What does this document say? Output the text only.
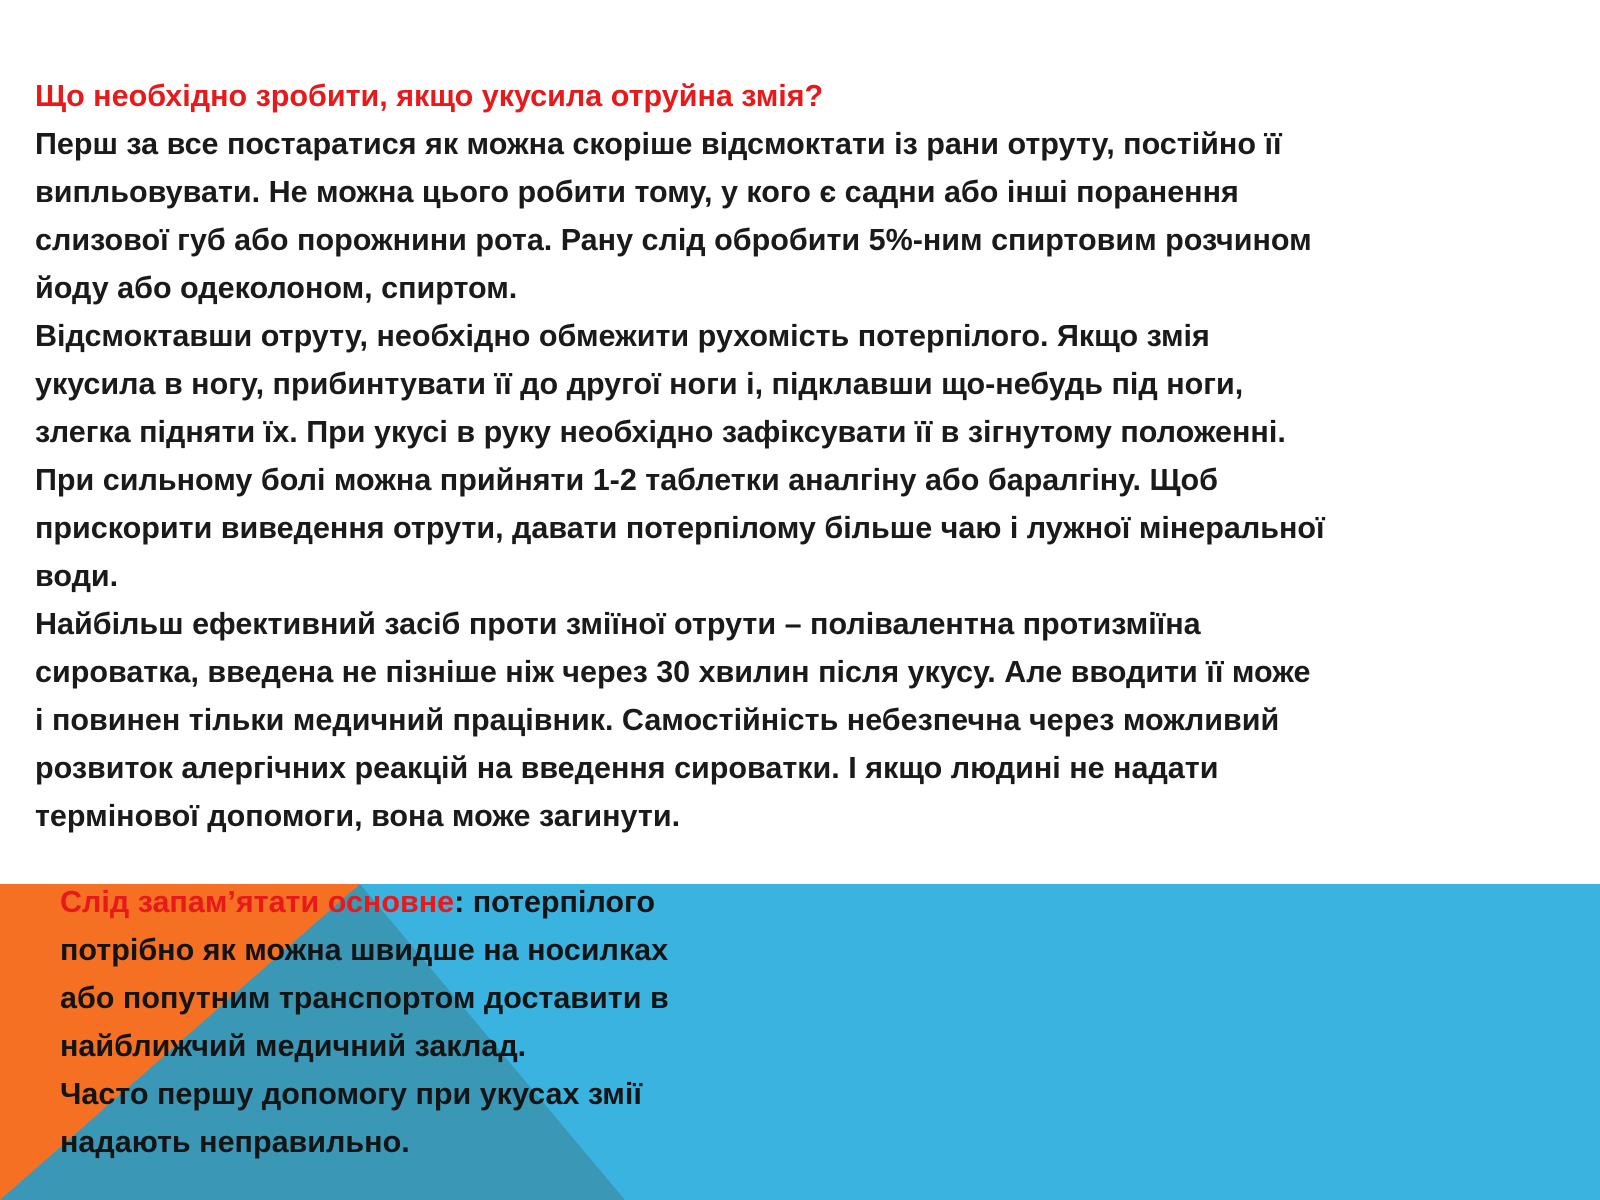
Що необхідно зробити, якщо укусила отруйна змія?

Перш за все постаратися як можна скоріше відсмоктати із рани отруту, постійно її

випльовувати. Не можна цього робити тому, у кого є садни або інші поранення

слизової губ або порожнини рота. Рану слід обробити 5%-ним спиртовим розчином

йоду або одеколоном, спиртом.

Відсмоктавши отруту, необхідно обмежити рухомість потерпілого. Якщо змія

укусила в ногу, прибинтувати її до другої ноги і, підклавши що-небудь під ноги,

злегка підняти їх. При укусі в руку необхідно зафіксувати її в зігнутому положенні.

При сильному болі можна прийняти 1-2 таблетки аналгіну або баралгіну. Щоб

прискорити виведення отрути, давати потерпілому більше чаю і лужної мінеральної

води.

Найбільш ефективний засіб проти зміїної отрути – полівалентна протизміїна

сироватка, введена не пізніше ніж через 30 хвилин після укусу. Але вводити її може

і повинен тільки медичний працівник. Самостійність небезпечна через можливий

розвиток алергічних реакцій на введення сироватки. І якщо людині не надати

термінової допомоги, вона може загинути.

Слід запам’ятати основне: потерпілого

потрібно як можна швидше на носилках

або попутним транспортом доставити в

найближчий медичний заклад.

Часто першу допомогу при укусах змії

надають неправильно.
